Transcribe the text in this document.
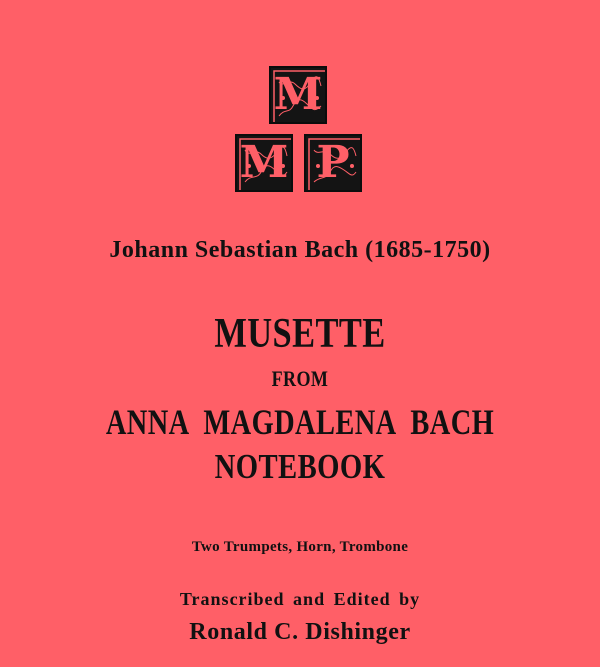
M
M P
Johann Sebastian Bach (1685-1750)
MUSETTE
FROM
ANNA MAGDALENA BACH
NOTEBOOK
Two Trumpets, Horn, Trombone
Transcribed and Edited by
Ronald C. Dishinger
